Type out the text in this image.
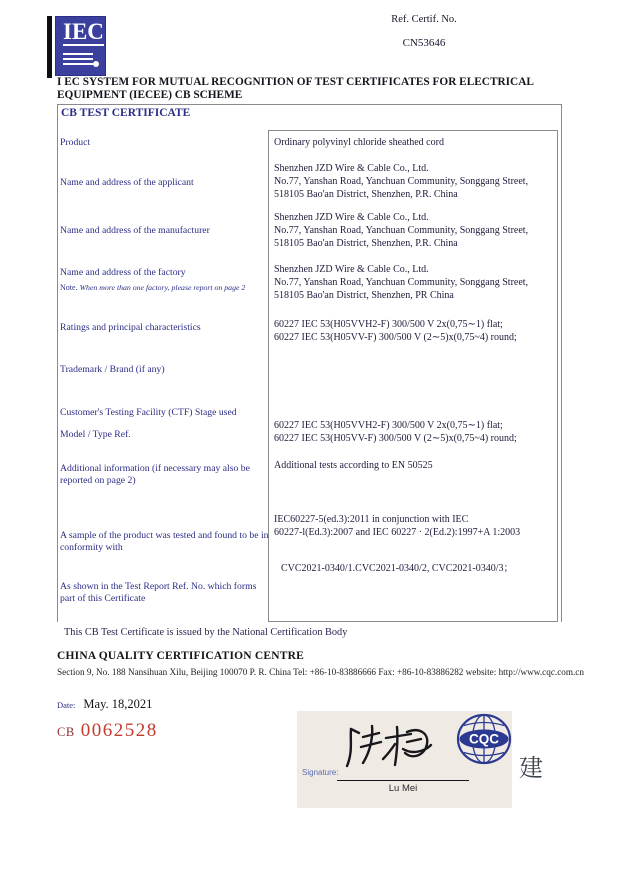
IEC	Ref. Certif. No.
CN53646
I EC SYSTEM FOR MUTUAL RECOGNITION OF TEST CERTIFICATES FOR ELECTRICAL EQUIPMENT (IECEE) CB SCHEME
CB TEST CERTIFICATE
Product
Name and address of the applicant
Name and address of the manufacturer
Name and address of the factory
Note. When more than one factory, please report on page 2
Ratings and principal characteristics
Trademark / Brand (if any)
Customer's Testing Facility (CTF) Stage used
Model / Type Ref.
Additional information (if necessary may also be reported on page 2)
A sample of the product was tested and found to be in conformity with
As shown in the Test Report Ref. No. which forms part of this Certificate
Ordinary polyvinyl chloride sheathed cord
Shenzhen JZD Wire & Cable Co., Ltd.
No.77, Yanshan Road, Yanchuan Community, Songgang Street,
518105 Bao'an District, Shenzhen, P.R. China
Shenzhen JZD Wire & Cable Co., Ltd.
No.77, Yanshan Road, Yanchuan Community, Songgang Street,
518105 Bao'an District, Shenzhen, P.R. China
Shenzhen JZD Wire & Cable Co., Ltd.
No.77, Yanshan Road, Yanchuan Community, Songgang Street,
518105 Bao'an District, Shenzhen, PR China
60227 IEC 53(H05VVH2-F) 300/500 V 2x(0,75∼1) flat;
60227 IEC 53(H05VV-F) 300/500 V (2∼5)x(0,75~4) round;
60227 IEC 53(H05VVH2-F) 300/500 V 2x(0,75∼1) flat;
60227 IEC 53(H05VV-F) 300/500 V (2∼5)x(0,75~4) round;
Additional tests according to EN 50525
IEC60227-5(ed.3):2011 in conjunction with IEC
60227-l(Ed.3):2007 and IEC 60227 · 2(Ed.2):1997+A 1:2003
CVC2021-0340/1.CVC2021-0340/2, CVC2021-0340/3；
This CB Test Certificate is issued by the National Certification Body
CHINA QUALITY CERTIFICATION CENTRE
Section 9, No. 188 Nansihuan Xilu, Beijing 100070 P. R. China Tel: +86-10-83886666 Fax: +86-10-83886282 website: http://www.cqc.com.cn
Date: May. 18,2021
CB 0062528
Signature:
Lu Mei
CQC
建
